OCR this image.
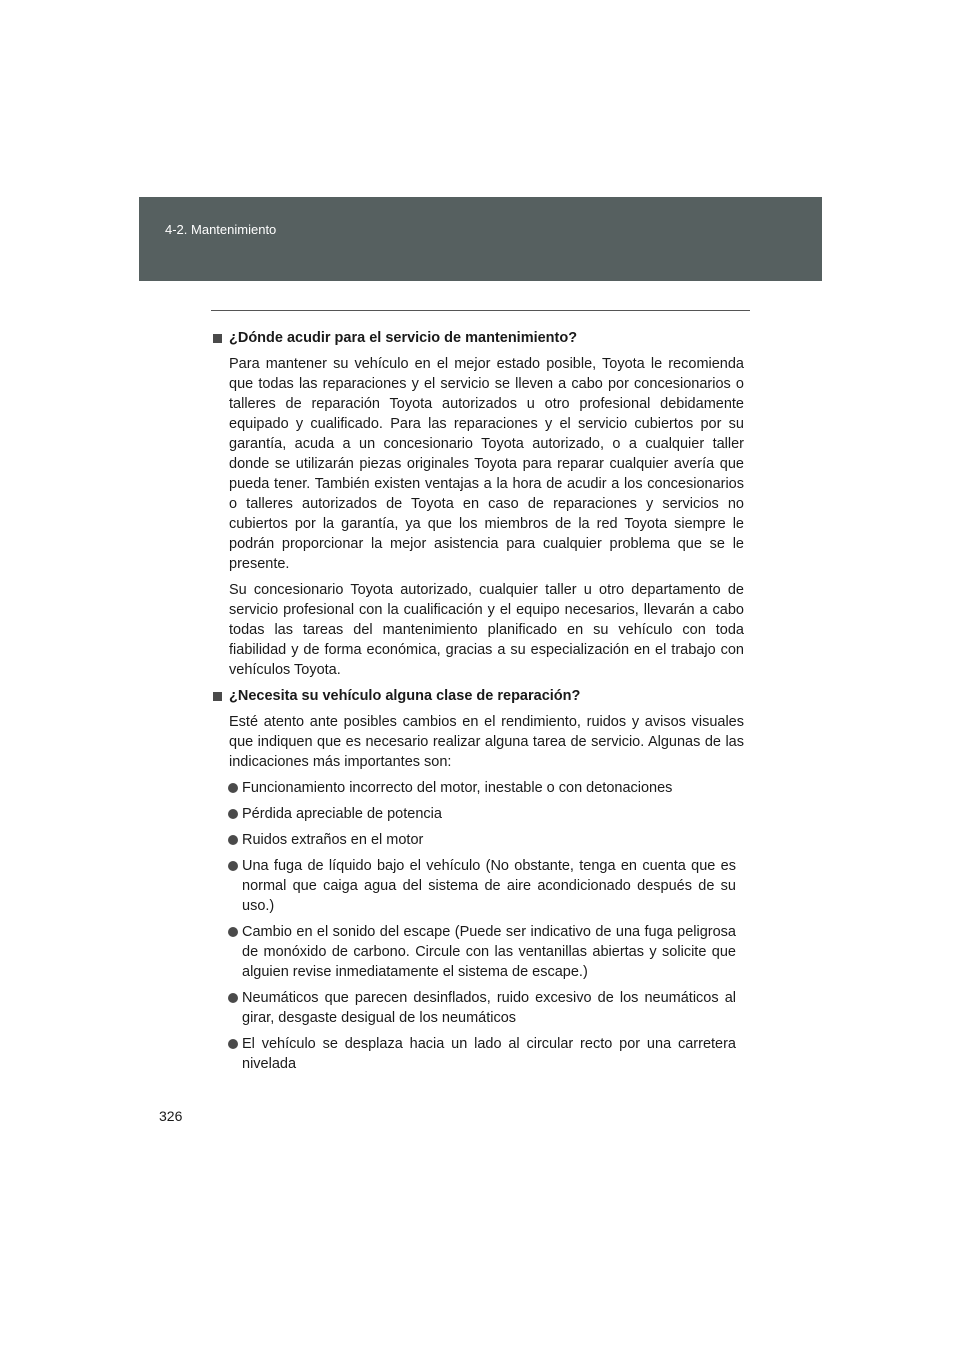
4-2. Mantenimiento
¿Dónde acudir para el servicio de mantenimiento?

Para mantener su vehículo en el mejor estado posible, Toyota le recomienda que todas las reparaciones y el servicio se lleven a cabo por concesionarios o talleres de reparación Toyota autorizados u otro profesional debidamente equipado y cualificado. Para las reparaciones y el servicio cubiertos por su garantía, acuda a un concesionario Toyota autorizado, o a cualquier taller donde se utilizarán piezas originales Toyota para reparar cualquier avería que pueda tener. También existen ventajas a la hora de acudir a los concesionarios o talleres autorizados de Toyota en caso de reparaciones y servicios no cubiertos por la garantía, ya que los miembros de la red Toyota siempre le podrán proporcionar la mejor asistencia para cualquier problema que se le presente.

Su concesionario Toyota autorizado, cualquier taller u otro departamento de servicio profesional con la cualificación y el equipo necesarios, llevarán a cabo todas las tareas del mantenimiento planificado en su vehículo con toda fiabilidad y de forma económica, gracias a su especialización en el trabajo con vehículos Toyota.

¿Necesita su vehículo alguna clase de reparación?

Esté atento ante posibles cambios en el rendimiento, ruidos y avisos visuales que indiquen que es necesario realizar alguna tarea de servicio. Algunas de las indicaciones más importantes son:

Funcionamiento incorrecto del motor, inestable o con detonaciones
Pérdida apreciable de potencia
Ruidos extraños en el motor
Una fuga de líquido bajo el vehículo (No obstante, tenga en cuenta que es normal que caiga agua del sistema de aire acondicionado después de su uso.)
Cambio en el sonido del escape (Puede ser indicativo de una fuga peligrosa de monóxido de carbono. Circule con las ventanillas abiertas y solicite que alguien revise inmediatamente el sistema de escape.)
Neumáticos que parecen desinflados, ruido excesivo de los neumáticos al girar, desgaste desigual de los neumáticos
El vehículo se desplaza hacia un lado al circular recto por una carretera nivelada
326
